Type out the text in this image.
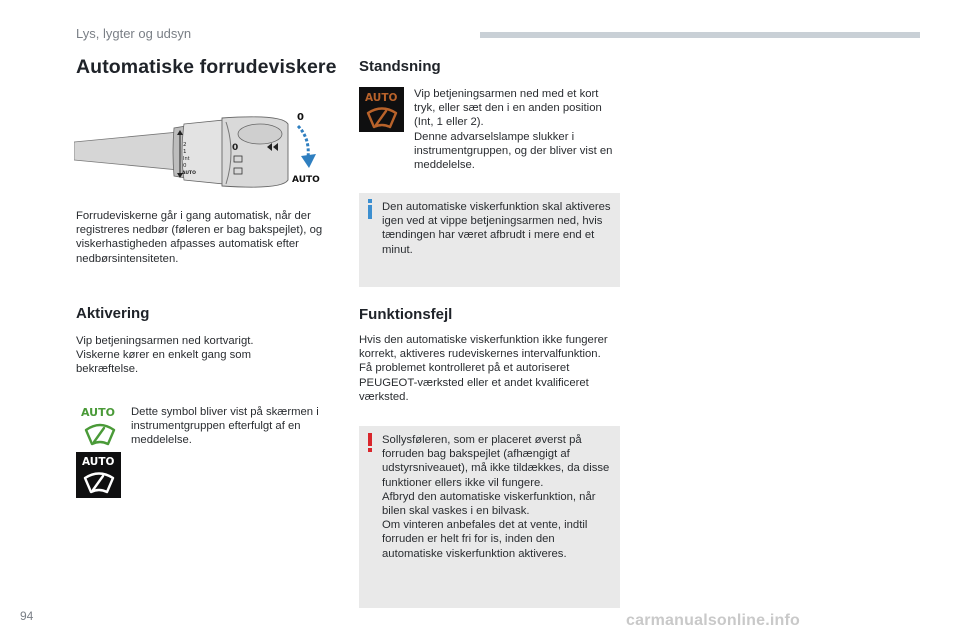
Lys, lygter og udsyn
Automatiske forrudeviskere
2
1
Int
0
AUTO
0
0
AUTO

Forrudeviskerne går i gang automatisk, når der registreres nedbør (føleren er bag bakspejlet), og viskerhastigheden afpasses automatisk efter nedbørsintensiteten.

Aktivering

Vip betjeningsarmen ned kortvarigt.
Viskerne kører en enkelt gang som bekræftelse.

AUTO Dette symbol bliver vist på skærmen i instrumentgruppen efterfulgt af en meddelelse.

AUTO
Standsning
AUTO Vip betjeningsarmen ned med et kort tryk, eller sæt den i en anden position (Int, 1 eller 2).
Denne advarselslampe slukker i instrumentgruppen, og der bliver vist en meddelelse.

Den automatiske viskerfunktion skal aktiveres igen ved at vippe betjeningsarmen ned, hvis tændingen har været afbrudt i mere end et minut.

Funktionsfejl

Hvis den automatiske viskerfunktion ikke fungerer korrekt, aktiveres rudeviskernes intervalfunktion.
Få problemet kontrolleret på et autoriseret PEUGEOT-værksted eller et andet kvalificeret værksted.

Sollysføleren, som er placeret øverst på forruden bag bakspejlet (afhængigt af udstyrsniveauet), må ikke tildækkes, da disse funktioner ellers ikke vil fungere.
Afbryd den automatiske viskerfunktion, når bilen skal vaskes i en bilvask.
Om vinteren anbefales det at vente, indtil forruden er helt fri for is, inden den automatiske viskerfunktion aktiveres.

94	carmanualsonline.info
